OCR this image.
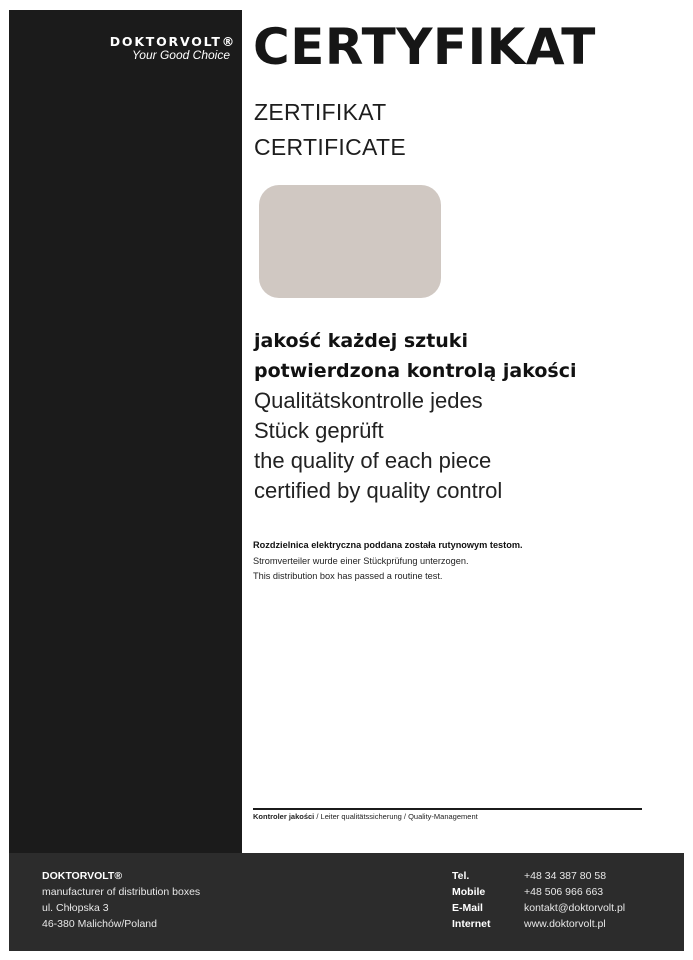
DOKTORVOLT®
Your Good Choice CERTYFIKAT
ZERTIFIKAT
CERTIFICATE
jakość każdej sztuki
potwierdzona kontrolą jakości
Qualitätskontrolle jedes
Stück geprüft
the quality of each piece
certified by quality control
Rozdzielnica elektryczna poddana została rutynowym testom.
Stromverteiler wurde einer Stückprüfung unterzogen.
This distribution box has passed a routine test.
Kontroler jakości / Leiter qualitätssicherung / Quality-Management
DOKTORVOLT®
manufacturer of distribution boxes
ul. Chłopska 3
46-380 Malichów/Poland
Tel.	+48 34 387 80 58
Mobile	+48 506 966 663
E-Mail	kontakt@doktorvolt.pl
Internet	www.doktorvolt.pl
